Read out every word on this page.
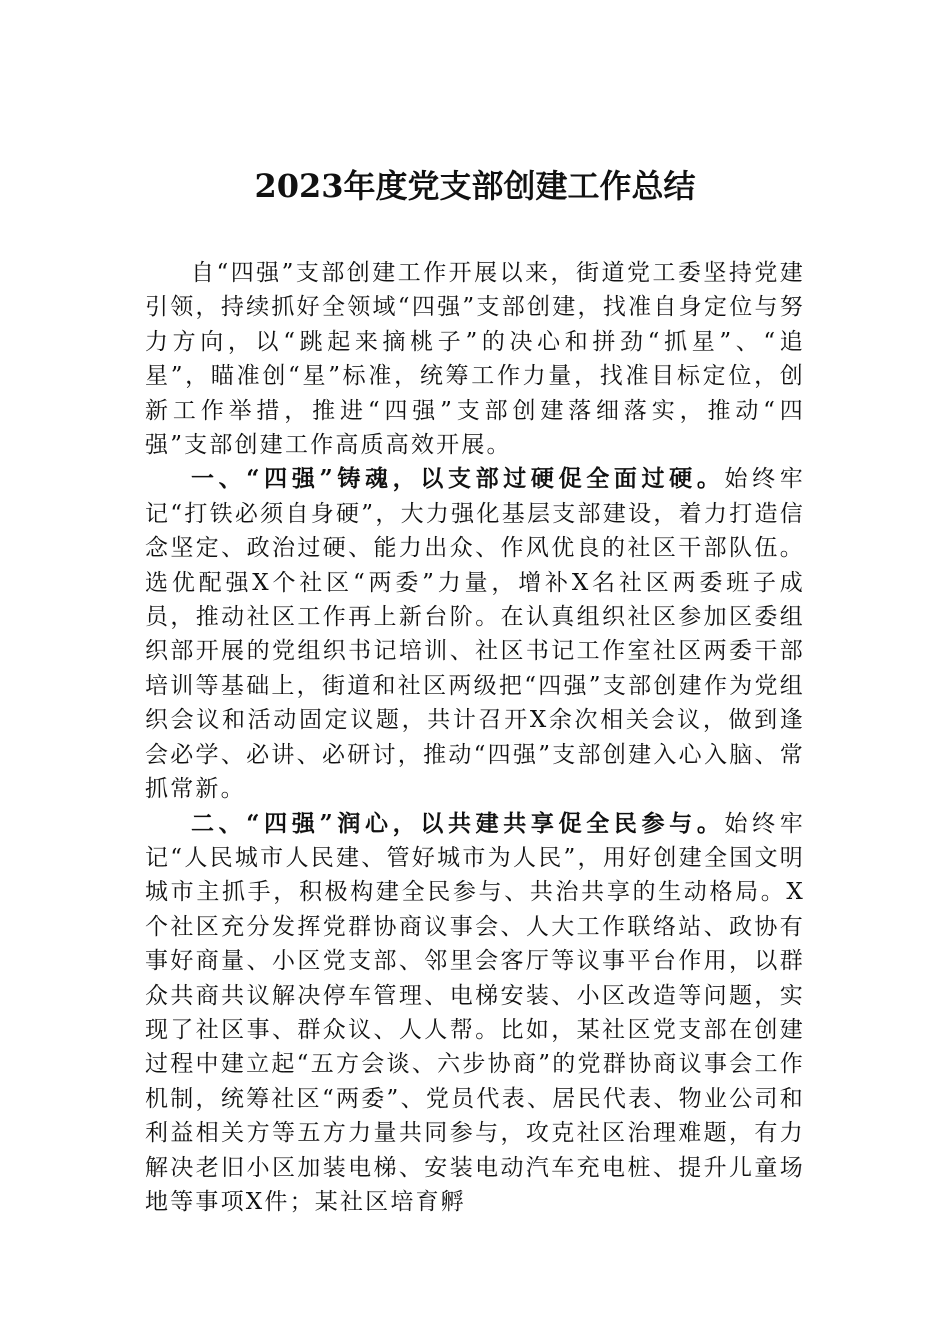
2023年度党支部创建工作总结

自“四强”支部创建工作开展以来，街道党工委坚持党建引领，持续抓好全领域“四强”支部创建，找准自身定位与努力方向，以“跳起来摘桃子”的决心和拼劲“抓星”、“追星”，瞄准创“星”标准，统筹工作力量，找准目标定位，创新工作举措，推进“四强”支部创建落细落实，推动“四强”支部创建工作高质高效开展。

一、“四强”铸魂，以支部过硬促全面过硬。始终牢记“打铁必须自身硬”，大力强化基层支部建设，着力打造信念坚定、政治过硬、能力出众、作风优良的社区干部队伍。选优配强X个社区“两委”力量，增补X名社区两委班子成员，推动社区工作再上新台阶。在认真组织社区参加区委组织部开展的党组织书记培训、社区书记工作室社区两委干部培训等基础上，街道和社区两级把“四强”支部创建作为党组织会议和活动固定议题，共计召开X余次相关会议，做到逢会必学、必讲、必研讨，推动“四强”支部创建入心入脑、常抓常新。

二、“四强”润心，以共建共享促全民参与。始终牢记“人民城市人民建、管好城市为人民”，用好创建全国文明城市主抓手，积极构建全民参与、共治共享的生动格局。X个社区充分发挥党群协商议事会、人大工作联络站、政协有事好商量、小区党支部、邻里会客厅等议事平台作用，以群众共商共议解决停车管理、电梯安装、小区改造等问题，实现了社区事、群众议、人人帮。比如，某社区党支部在创建过程中建立起“五方会谈、六步协商”的党群协商议事会工作机制，统筹社区“两委”、党员代表、居民代表、物业公司和利益相关方等五方力量共同参与，攻克社区治理难题，有力解决老旧小区加装电梯、安装电动汽车充电桩、提升儿童场地等事项X件；某社区培育孵
